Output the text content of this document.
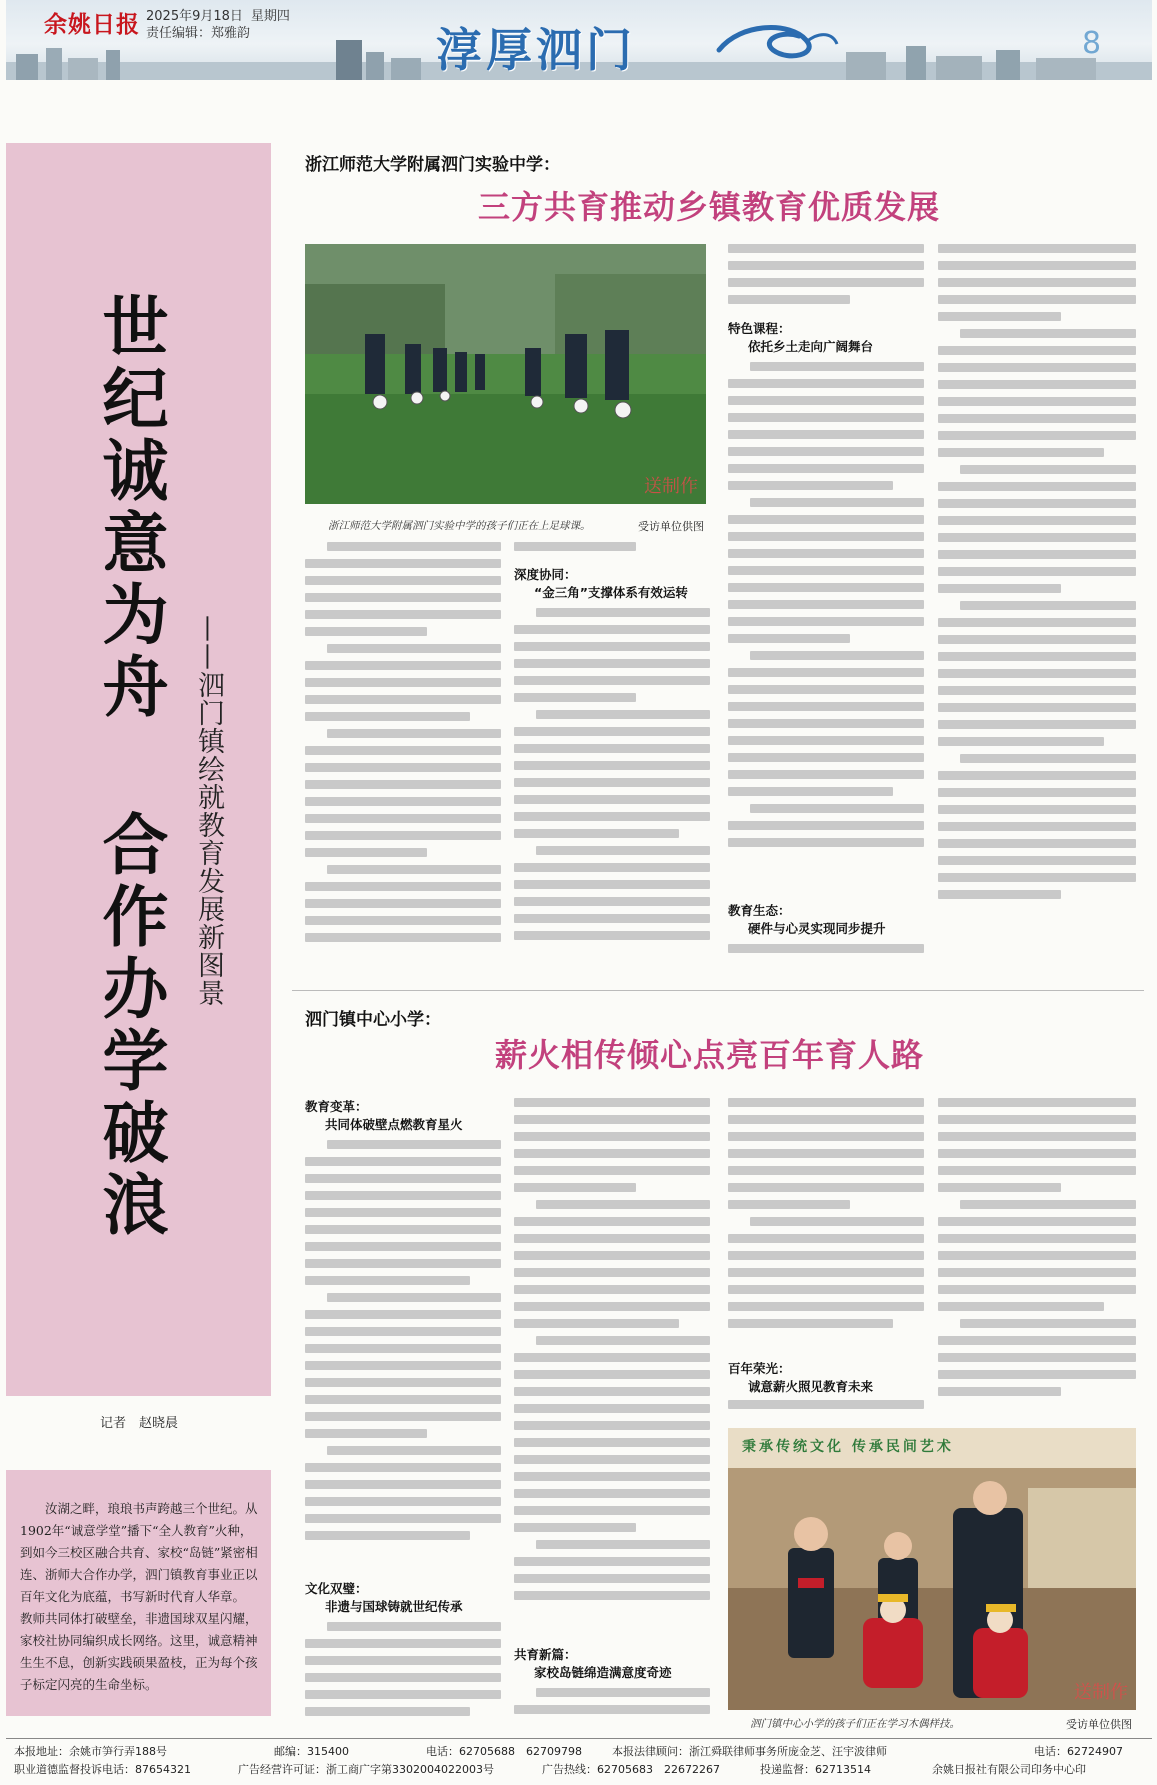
余姚日报 2025年9月18日 星期四
责任编辑：郑雅韵	淳厚泗门	8
世纪诚意为舟  合作办学破浪 ——泗门镇绘就教育发展新图景
记者　赵晓晨
汝湖之畔，琅琅书声跨越三个世纪。从1902年“诚意学堂”播下“全人教育”火种，到如今三校区融合共育、家校“岛链”紧密相连、浙师大合作办学，泗门镇教育事业正以百年文化为底蕴，书写新时代育人华章。 教师共同体打破壁垒，非遗国球双星闪耀，家校社协同编织成长网络。这里，诚意精神生生不息，创新实践硕果盈枝，正为每个孩子标定闪亮的生命坐标。
浙江师范大学附属泗门实验中学：
三方共育推动乡镇教育优质发展
送制作
浙江师范大学附属泗门实验中学的孩子们正在上足球课。	受访单位供图
深度协同：
“金三角”支撑体系有效运转
特色课程：
依托乡土走向广阔舞台
教育生态：
硬件与心灵实现同步提升
泗门镇中心小学：
薪火相传倾心点亮百年育人路
教育变革：
共同体破壁点燃教育星火
文化双璧：
非遗与国球铸就世纪传承
共育新篇：
家校岛链绵造满意度奇迹
百年荣光：
诚意薪火照见教育未来
秉承传统文化 传承民间艺术
送制作
泗门镇中心小学的孩子们正在学习木偶样技。	受访单位供图
本报地址：余姚市笋行弄188号
职业道德监督投诉电话：87654321
邮编：315400
广告经营许可证：浙工商广字第3302004022003号
电话：62705688　62709798
广告热线：62705683　22672267
本报法律顾问：浙江舜联律师事务所庞金芝、汪宇波律师
投递监督：62713514
电话：62724907
余姚日报社有限公司印务中心印
